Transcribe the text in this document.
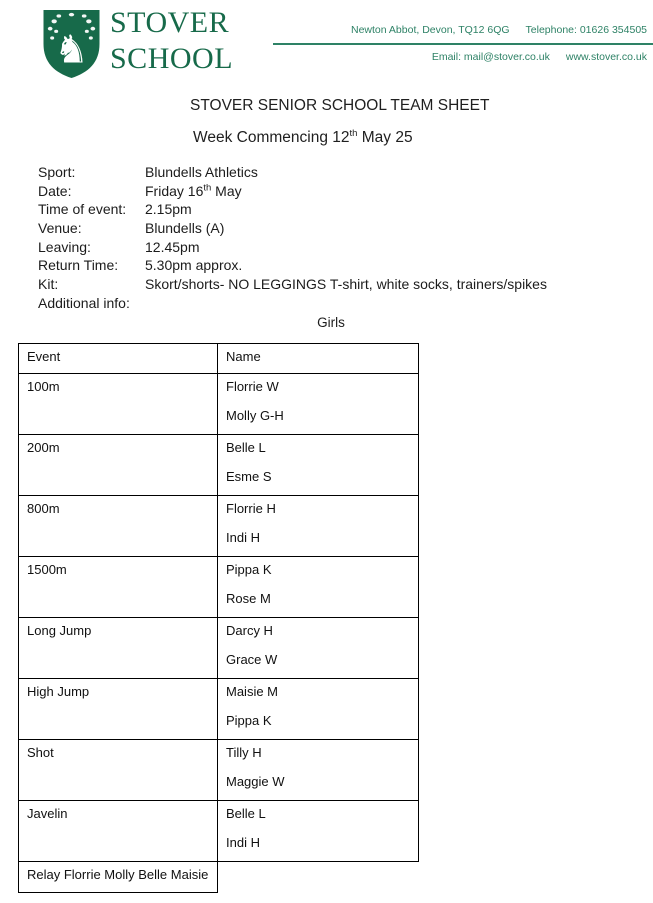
♞
STOVER
SCHOOL
Newton Abbot, Devon, TQ12 6QG Telephone: 01626 354505
Email: mail@stover.co.uk www.stover.co.uk
STOVER SENIOR SCHOOL TEAM SHEET
Week Commencing 12th May 25
Sport:	Blundells Athletics
Date:	Friday 16th May
Time of event:	2.15pm
Venue:	Blundells (A)
Leaving:	12.45pm
Return Time:	5.30pm approx.
Kit:	Skort/shorts- NO LEGGINGS T-shirt, white socks, trainers/spikes
Additional info:
Girls
Event	Name

100m	Florrie W
Molly G-H

200m	Belle L
Esme S

800m	Florrie H
Indi H

1500m	Pippa K
Rose M

Long Jump	Darcy H
Grace W

High Jump	Maisie M
Pippa K

Shot	Tilly H
Maggie W

Javelin	Belle L
Indi H

Relay Florrie Molly Belle Maisie	
